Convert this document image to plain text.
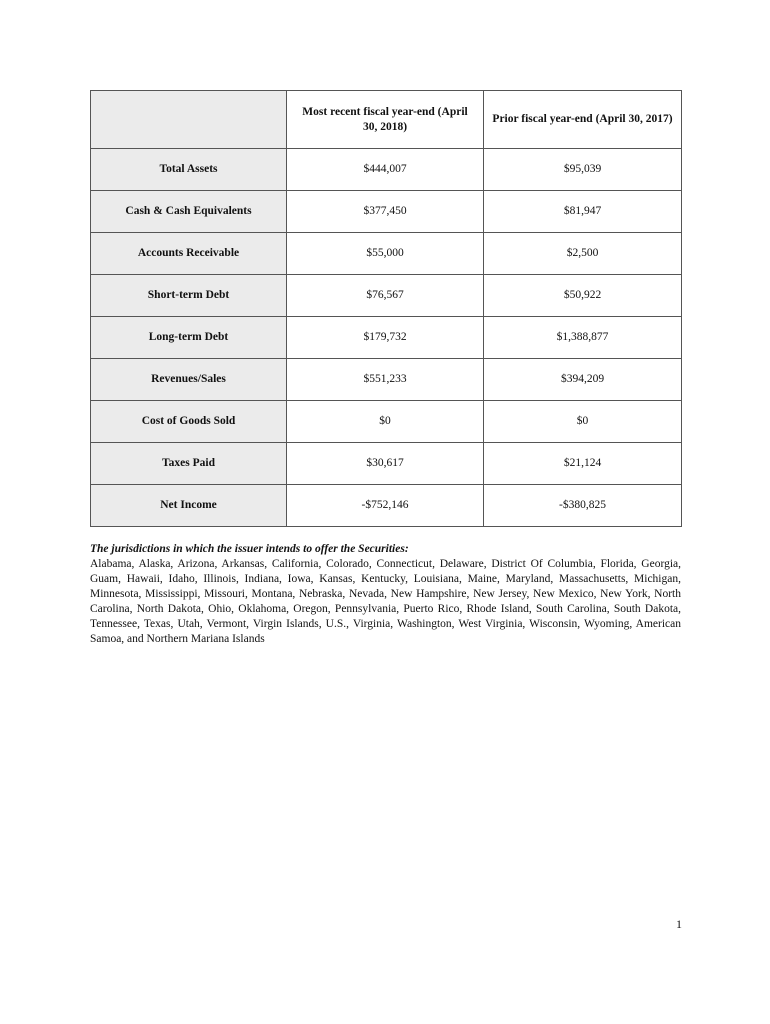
	Most recent fiscal year-end (April 30, 2018)	Prior fiscal year-end (April 30, 2017)
Total Assets	$444,007	$95,039
Cash & Cash Equivalents	$377,450	$81,947
Accounts Receivable	$55,000	$2,500
Short-term Debt	$76,567	$50,922
Long-term Debt	$179,732	$1,388,877
Revenues/Sales	$551,233	$394,209
Cost of Goods Sold	$0	$0
Taxes Paid	$30,617	$21,124
Net Income	-$752,146	-$380,825
The jurisdictions in which the issuer intends to offer the Securities:
Alabama, Alaska, Arizona, Arkansas, California, Colorado, Connecticut, Delaware, District Of Columbia, Florida, Georgia, Guam, Hawaii, Idaho, Illinois, Indiana, Iowa, Kansas, Kentucky, Louisiana, Maine, Maryland, Massachusetts, Michigan, Minnesota, Mississippi, Missouri, Montana, Nebraska, Nevada, New Hampshire, New Jersey, New Mexico, New York, North Carolina, North Dakota, Ohio, Oklahoma, Oregon, Pennsylvania, Puerto Rico, Rhode Island, South Carolina, South Dakota, Tennessee, Texas, Utah, Vermont, Virgin Islands, U.S., Virginia, Washington, West Virginia, Wisconsin, Wyoming, American Samoa, and Northern Mariana Islands
1
